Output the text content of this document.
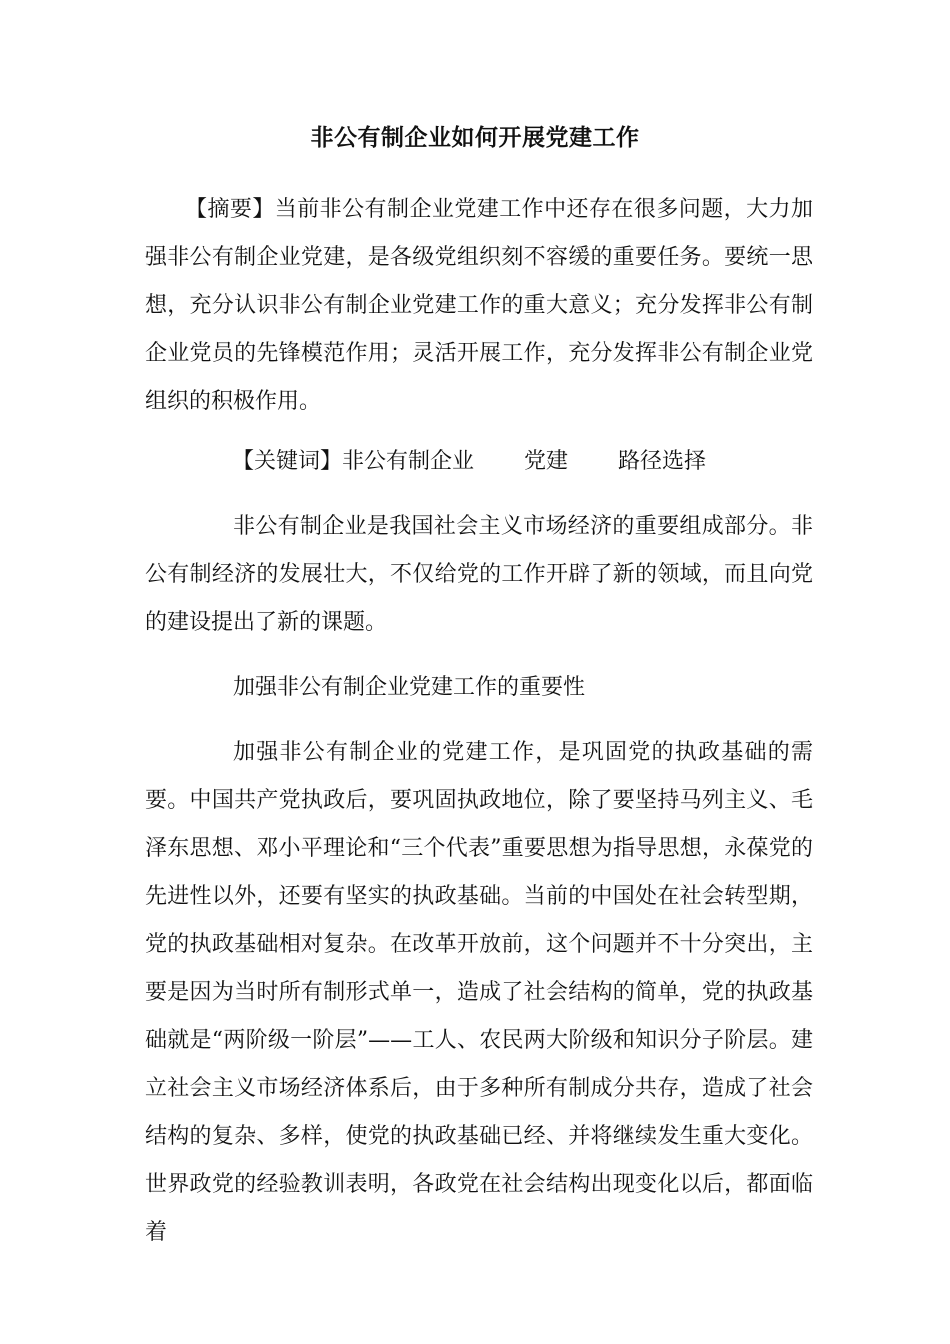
非公有制企业如何开展党建工作

【摘要】当前非公有制企业党建工作中还存在很多问题，大力加强非公有制企业党建，是各级党组织刻不容缓的重要任务。要统一思想，充分认识非公有制企业党建工作的重大意义；充分发挥非公有制企业党员的先锋模范作用；灵活开展工作，充分发挥非公有制企业党组织的积极作用。

【关键词】非公有制企业 党建 路径选择

非公有制企业是我国社会主义市场经济的重要组成部分。非公有制经济的发展壮大，不仅给党的工作开辟了新的领域，而且向党的建设提出了新的课题。

加强非公有制企业党建工作的重要性

加强非公有制企业的党建工作，是巩固党的执政基础的需要。中国共产党执政后，要巩固执政地位，除了要坚持马列主义、毛泽东思想、邓小平理论和“三个代表”重要思想为指导思想，永葆党的先进性以外，还要有坚实的执政基础。当前的中国处在社会转型期，党的执政基础相对复杂。在改革开放前，这个问题并不十分突出，主要是因为当时所有制形式单一，造成了社会结构的简单，党的执政基础就是“两阶级一阶层”——工人、农民两大阶级和知识分子阶层。建立社会主义市场经济体系后，由于多种所有制成分共存，造成了社会结构的复杂、多样，使党的执政基础已经、并将继续发生重大变化。世界政党的经验教训表明，各政党在社会结构出现变化以后，都面临着
